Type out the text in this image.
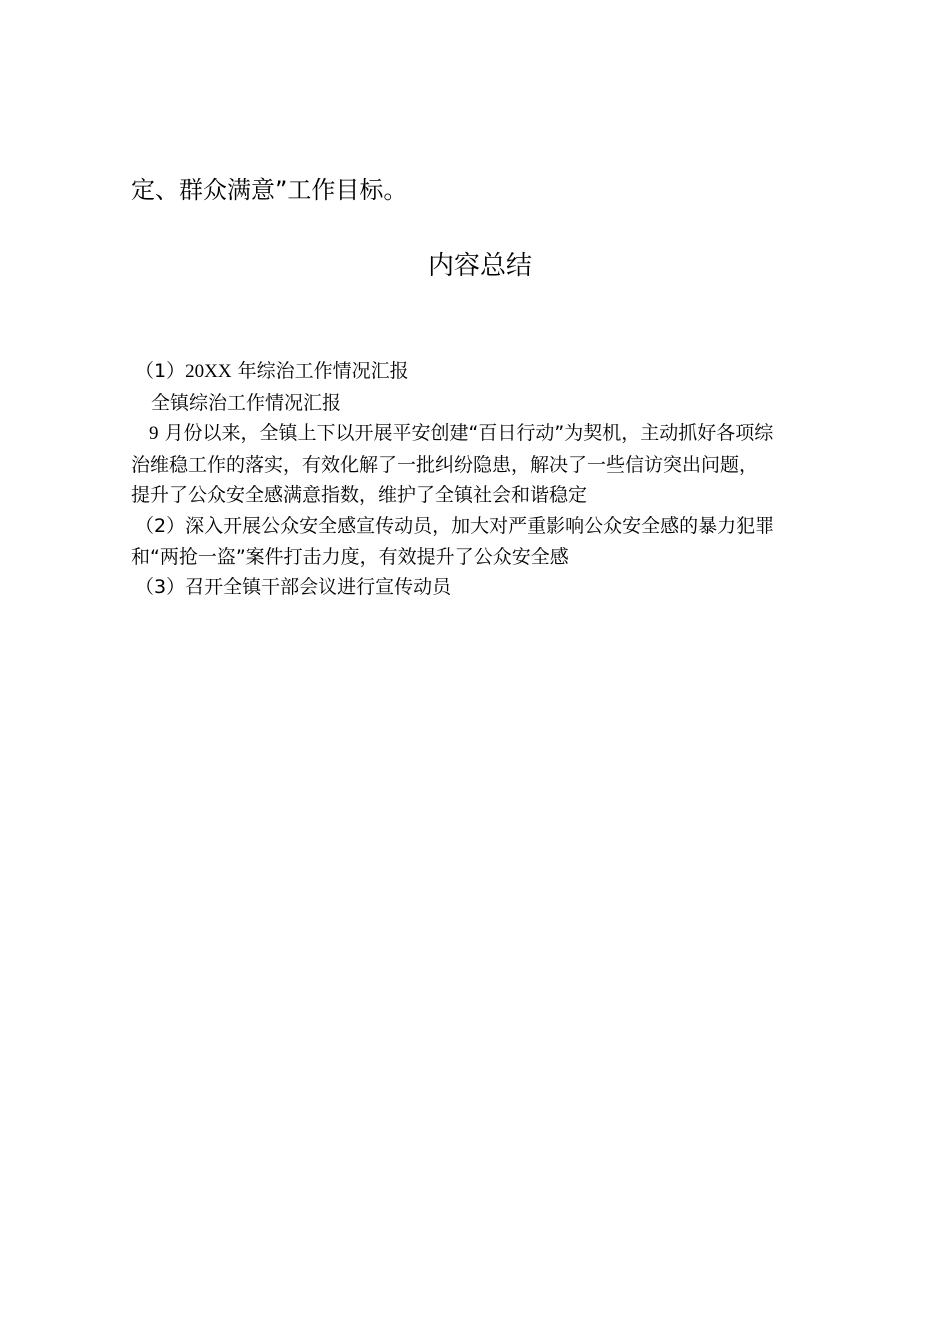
定、群众满意”工作目标。
内容总结
（1）20XX 年综治工作情况汇报
全镇综治工作情况汇报
9 月份以来，全镇上下以开展平安创建“百日行动”为契机，主动抓好各项综
治维稳工作的落实，有效化解了一批纠纷隐患，解决了一些信访突出问题，
提升了公众安全感满意指数，维护了全镇社会和谐稳定
（2）深入开展公众安全感宣传动员，加大对严重影响公众安全感的暴力犯罪
和“两抢一盗”案件打击力度，有效提升了公众安全感
（3）召开全镇干部会议进行宣传动员
